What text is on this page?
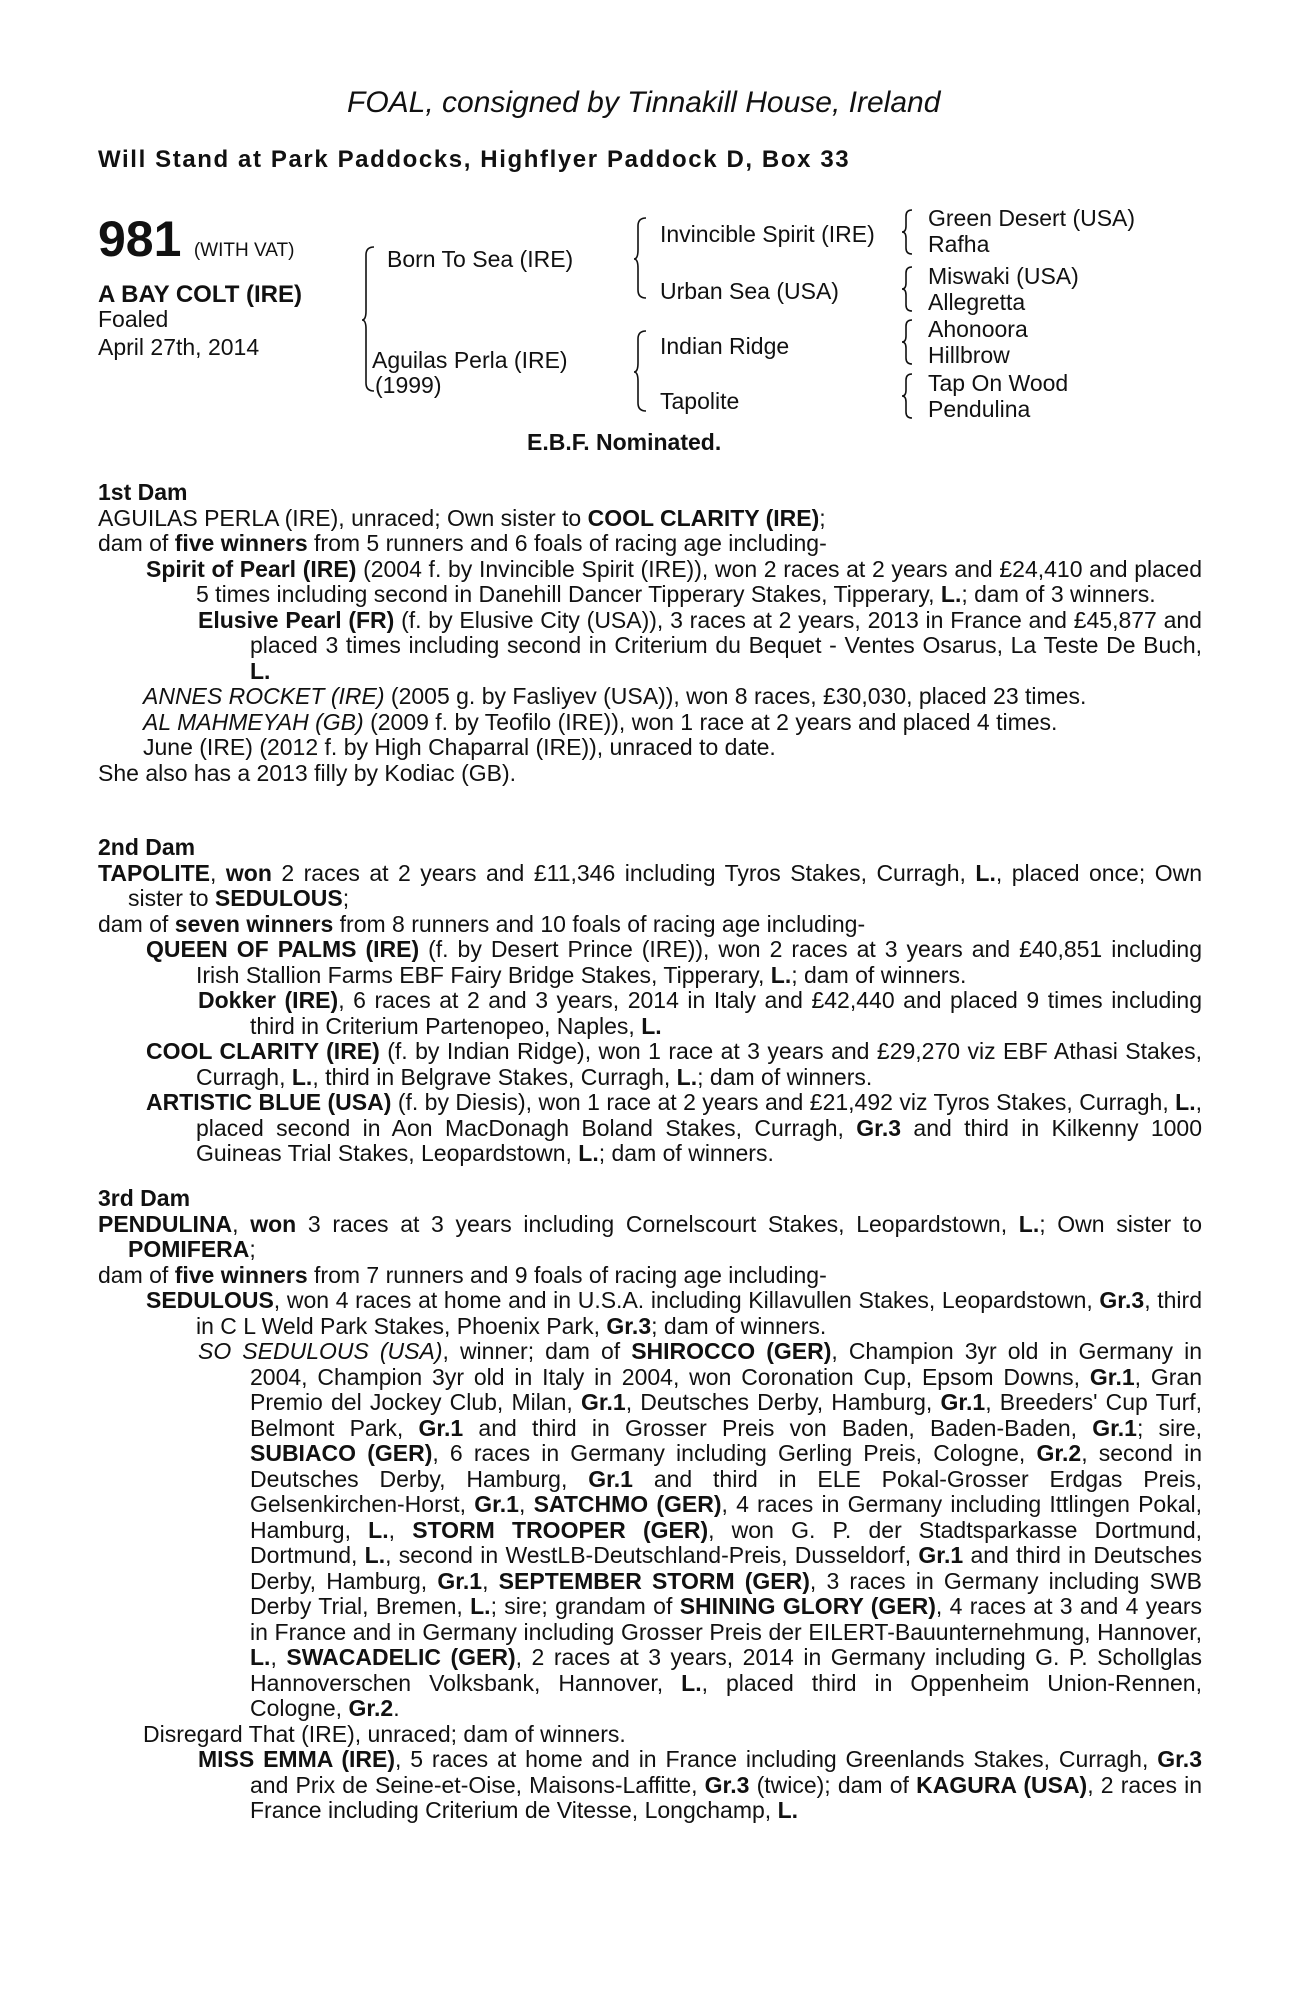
FOAL, consigned by Tinnakill House, Ireland
Will Stand at Park Paddocks, Highflyer Paddock D, Box 33
981 (WITH VAT)
A BAY COLT (IRE)
Foaled
April 27th, 2014
Born To Sea (IRE)
Aguilas Perla (IRE)
(1999)
Invincible Spirit (IRE)
Urban Sea (USA)
Indian Ridge
Tapolite
Green Desert (USA)
Rafha
Miswaki (USA)
Allegretta
Ahonoora
Hillbrow
Tap On Wood
Pendulina
E.B.F. Nominated.

1st Dam

AGUILAS PERLA (IRE), unraced; Own sister to COOL CLARITY (IRE);

dam of five winners from 5 runners and 6 foals of racing age including-

Spirit of Pearl (IRE) (2004 f. by Invincible Spirit (IRE)), won 2 races at 2 years and £24,410 and placed 5 times including second in Danehill Dancer Tipperary Stakes, Tipperary, L.; dam of 3 winners.

Elusive Pearl (FR) (f. by Elusive City (USA)), 3 races at 2 years, 2013 in France and £45,877 and placed 3 times including second in Criterium du Bequet - Ventes Osarus, La Teste De Buch, L.

ANNES ROCKET (IRE) (2005 g. by Fasliyev (USA)), won 8 races, £30,030, placed 23 times.

AL MAHMEYAH (GB) (2009 f. by Teofilo (IRE)), won 1 race at 2 years and placed 4 times.

June (IRE) (2012 f. by High Chaparral (IRE)), unraced to date.

She also has a 2013 filly by Kodiac (GB).

2nd Dam

TAPOLITE, won 2 races at 2 years and £11,346 including Tyros Stakes, Curragh, L., placed once; Own sister to SEDULOUS;

dam of seven winners from 8 runners and 10 foals of racing age including-

QUEEN OF PALMS (IRE) (f. by Desert Prince (IRE)), won 2 races at 3 years and £40,851 including Irish Stallion Farms EBF Fairy Bridge Stakes, Tipperary, L.; dam of winners.

Dokker (IRE), 6 races at 2 and 3 years, 2014 in Italy and £42,440 and placed 9 times including third in Criterium Partenopeo, Naples, L.

COOL CLARITY (IRE) (f. by Indian Ridge), won 1 race at 3 years and £29,270 viz EBF Athasi Stakes, Curragh, L., third in Belgrave Stakes, Curragh, L.; dam of winners.

ARTISTIC BLUE (USA) (f. by Diesis), won 1 race at 2 years and £21,492 viz Tyros Stakes, Curragh, L., placed second in Aon MacDonagh Boland Stakes, Curragh, Gr.3 and third in Kilkenny 1000 Guineas Trial Stakes, Leopardstown, L.; dam of winners.

3rd Dam

PENDULINA, won 3 races at 3 years including Cornelscourt Stakes, Leopardstown, L.; Own sister to POMIFERA;

dam of five winners from 7 runners and 9 foals of racing age including-

SEDULOUS, won 4 races at home and in U.S.A. including Killavullen Stakes, Leopardstown, Gr.3, third in C L Weld Park Stakes, Phoenix Park, Gr.3; dam of winners.

SO SEDULOUS (USA), winner; dam of SHIROCCO (GER), Champion 3yr old in Germany in 2004, Champion 3yr old in Italy in 2004, won Coronation Cup, Epsom Downs, Gr.1, Gran Premio del Jockey Club, Milan, Gr.1, Deutsches Derby, Hamburg, Gr.1, Breeders' Cup Turf, Belmont Park, Gr.1 and third in Grosser Preis von Baden, Baden-Baden, Gr.1; sire, SUBIACO (GER), 6 races in Germany including Gerling Preis, Cologne, Gr.2, second in Deutsches Derby, Hamburg, Gr.1 and third in ELE Pokal-Grosser Erdgas Preis, Gelsenkirchen-Horst, Gr.1, SATCHMO (GER), 4 races in Germany including Ittlingen Pokal, Hamburg, L., STORM TROOPER (GER), won G. P. der Stadtsparkasse Dortmund, Dortmund, L., second in WestLB-Deutschland-Preis, Dusseldorf, Gr.1 and third in Deutsches Derby, Hamburg, Gr.1, SEPTEMBER STORM (GER), 3 races in Germany including SWB Derby Trial, Bremen, L.; sire; grandam of SHINING GLORY (GER), 4 races at 3 and 4 years in France and in Germany including Grosser Preis der EILERT-Bauunternehmung, Hannover, L., SWACADELIC (GER), 2 races at 3 years, 2014 in Germany including G. P. Schollglas Hannoverschen Volksbank, Hannover, L., placed third in Oppenheim Union-Rennen, Cologne, Gr.2.

Disregard That (IRE), unraced; dam of winners.

MISS EMMA (IRE), 5 races at home and in France including Greenlands Stakes, Curragh, Gr.3 and Prix de Seine-et-Oise, Maisons-Laffitte, Gr.3 (twice); dam of KAGURA (USA), 2 races in France including Criterium de Vitesse, Longchamp, L.
